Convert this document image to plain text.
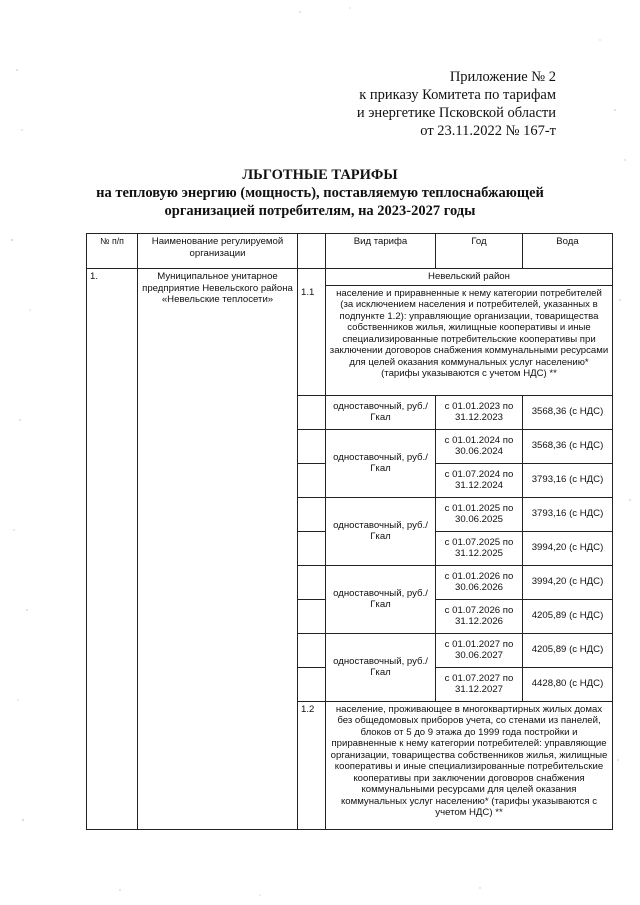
Приложение № 2
к приказу Комитета по тарифам
и энергетике Псковской области
от 23.11.2022 № 167-т
ЛЬГОТНЫЕ ТАРИФЫ
на тепловую энергию (мощность), поставляемую теплоснабжающей
организацией потребителям, на 2023-2027 годы
№ п/п	Наименование регулируемой организации		Вид тарифа	Год	Вода
1.	Муниципальное унитарное предприятие Невельского района «Невельские теплосети»		Невельский район		
		1.1	население и приравненные к нему категории потребителей (за исключением населения и потребителей, указанных в подпункте 1.2): управляющие организации, товарищества собственников жилья, жилищные кооперативы и иные специализированные потребительские кооперативы при заключении договоров снабжения коммунальными ресурсами для целей оказания коммунальных услуг населению* (тарифы указываются с учетом НДС) **		
			одноставочный, руб./Гкал	с 01.01.2023 по 31.12.2023	3568,36 (с НДС)
			одноставочный, руб./Гкал	с 01.01.2024 по 30.06.2024	3568,36 (с НДС)
				с 01.07.2024 по 31.12.2024	3793,16 (с НДС)
			одноставочный, руб./Гкал	с 01.01.2025 по 30.06.2025	3793,16 (с НДС)
				с 01.07.2025 по 31.12.2025	3994,20 (с НДС)
			одноставочный, руб./Гкал	с 01.01.2026 по 30.06.2026	3994,20 (с НДС)
				с 01.07.2026 по 31.12.2026	4205,89 (с НДС)
			одноставочный, руб./Гкал	с 01.01.2027 по 30.06.2027	4205,89 (с НДС)
				с 01.07.2027 по 31.12.2027	4428,80 (с НДС)
		1.2	население, проживающее в многоквартирных жилых домах без общедомовых приборов учета, со стенами из панелей, блоков от 5 до 9 этажа до 1999 года постройки и приравненные к нему категории потребителей: управляющие организации, товарищества собственников жилья, жилищные кооперативы и иные специализированные потребительские кооперативы при заключении договоров снабжения коммунальными ресурсами для целей оказания коммунальных услуг населению* (тарифы указываются с учетом НДС) **		
